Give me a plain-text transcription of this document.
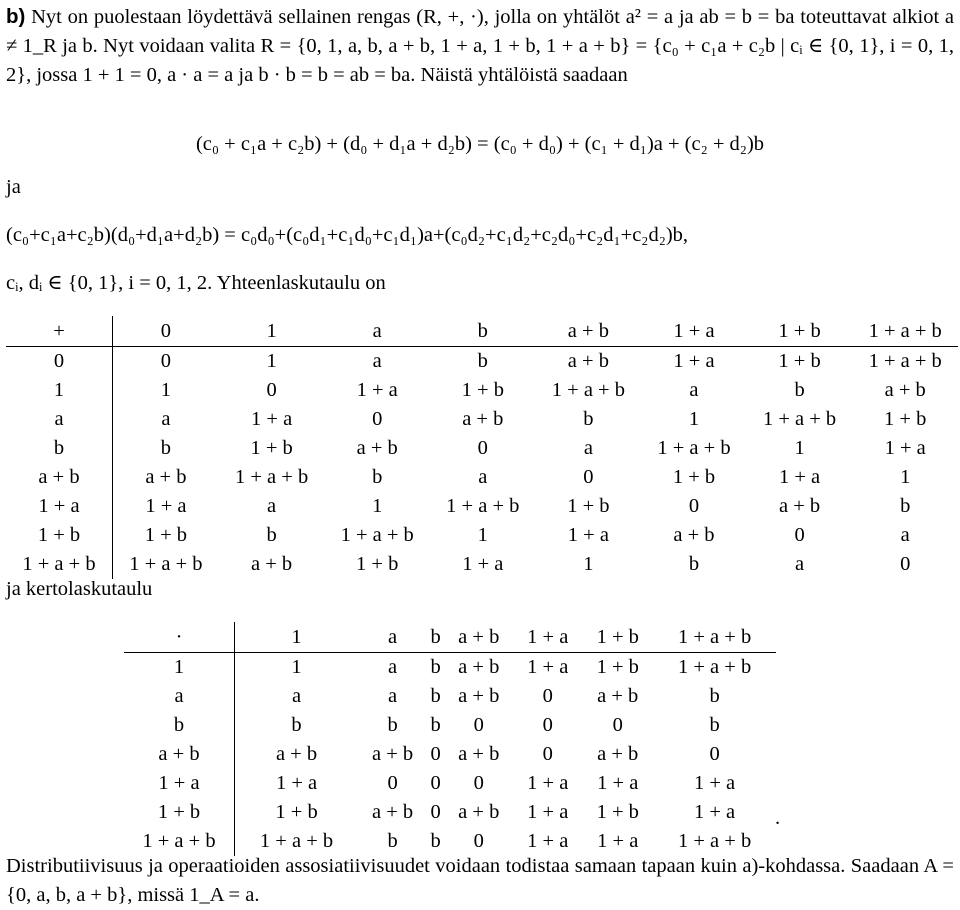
b) Nyt on puolestaan löydettävä sellainen rengas (R, +, ·), jolla on yhtälöt a² = a ja ab = b = ba toteuttavat alkiot a ≠ 1_R ja b. Nyt voidaan valita R = {0, 1, a, b, a + b, 1 + a, 1 + b, 1 + a + b} = {c₀ + c₁a + c₂b | cᵢ ∈ {0, 1}, i = 0, 1, 2}, jossa 1 + 1 = 0, a · a = a ja b · b = b = ab = ba. Näistä yhtälöistä saadaan
(c₀ + c₁a + c₂b) + (d₀ + d₁a + d₂b) = (c₀ + d₀) + (c₁ + d₁)a + (c₂ + d₂)b
ja
(c₀+c₁a+c₂b)(d₀+d₁a+d₂b) = c₀d₀+(c₀d₁+c₁d₀+c₁d₁)a+(c₀d₂+c₁d₂+c₂d₀+c₂d₁+c₂d₂)b,
cᵢ, dᵢ ∈ {0, 1}, i = 0, 1, 2. Yhteenlaskutaulu on
+	0	1	a	b	a + b	1 + a	1 + b	1 + a + b
0	0	1	a	b	a + b	1 + a	1 + b	1 + a + b
1	1	0	1 + a	1 + b	1 + a + b	a	b	a + b
a	a	1 + a	0	a + b	b	1	1 + a + b	1 + b
b	b	1 + b	a + b	0	a	1 + a + b	1	1 + a
a + b	a + b	1 + a + b	b	a	0	1 + b	1 + a	1
1 + a	1 + a	a	1	1 + a + b	1 + b	0	a + b	b
1 + b	1 + b	b	1 + a + b	1	1 + a	a + b	0	a
1 + a + b	1 + a + b	a + b	1 + b	1 + a	1	b	a	0
ja kertolaskutaulu
·	1	a	b	a + b	1 + a	1 + b	1 + a + b
1	1	a	b	a + b	1 + a	1 + b	1 + a + b
a	a	a	b	a + b	0	a + b	b
b	b	b	b	0	0	0	b
a + b	a + b	a + b	0	a + b	0	a + b	0
1 + a	1 + a	0	0	0	1 + a	1 + a	1 + a
1 + b	1 + b	a + b	0	a + b	1 + a	1 + b	1 + a
1 + a + b	1 + a + b	b	b	0	1 + a	1 + a	1 + a + b
.
Distributiivisuus ja operaatioiden assosiatiivisuudet voidaan todistaa samaan tapaan kuin a)-kohdassa. Saadaan A = {0, a, b, a + b}, missä 1_A = a.
